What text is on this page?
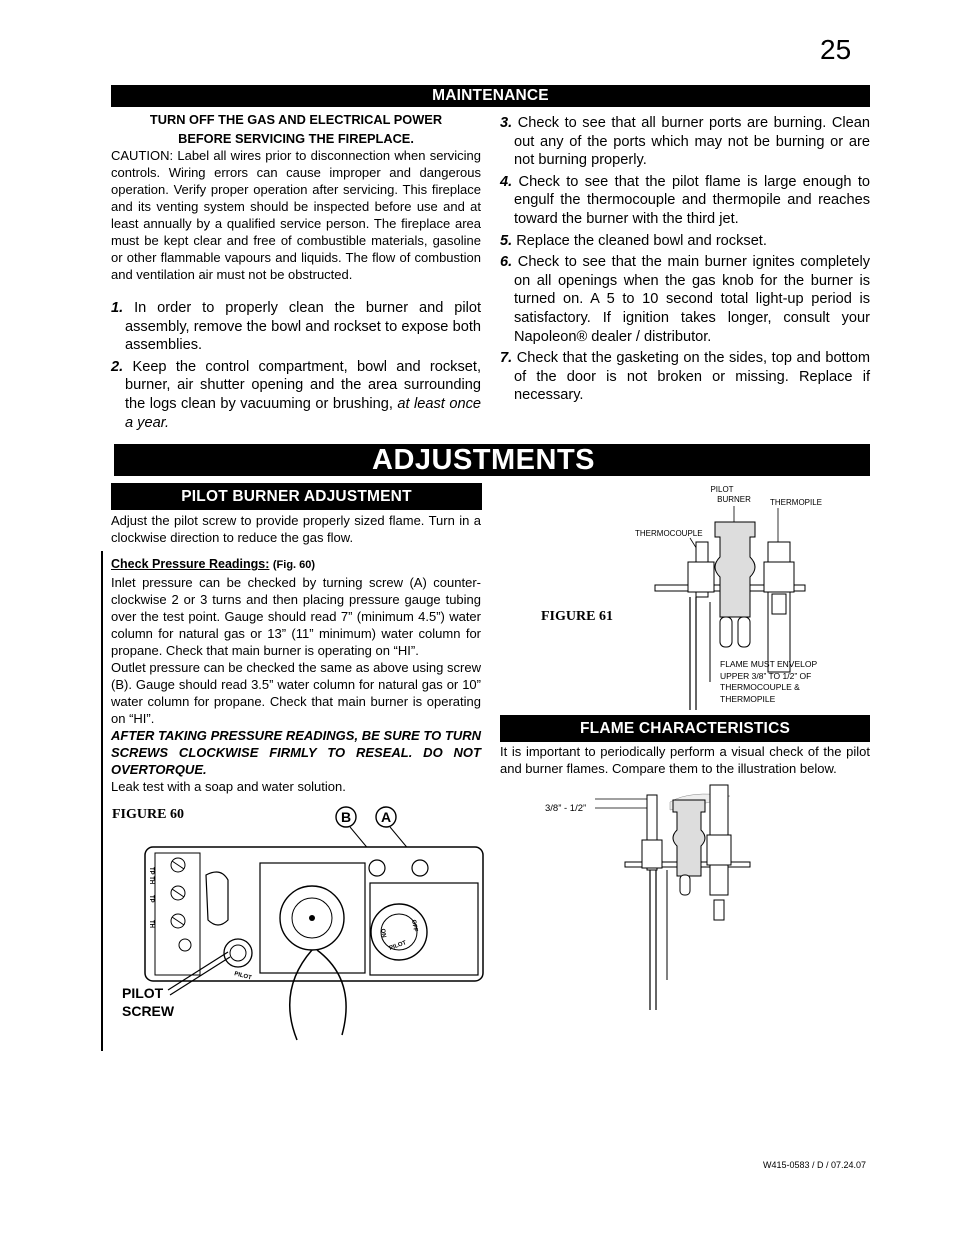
25
MAINTENANCE

TURN OFF THE GAS AND ELECTRICAL POWER

BEFORE SERVICING THE FIREPLACE.

CAUTION: Label all wires prior to disconnection when servicing controls. Wiring errors can cause improper and dangerous operation. Verify proper operation after servicing. This fireplace and its venting system should be inspected before use and at least annually by a qualified service person. The fireplace area must be kept clear and free of combustible materials, gasoline or other flammable vapours and liquids. The flow of combustion and ventilation air must not be obstructed.

1. In order to properly clean the burner and pilot assembly, remove the bowl and rockset to expose both assemblies.
2. Keep the control compartment, bowl and rockset, burner, air shutter opening and the area surrounding the logs clean by vacuuming or brushing, at least once a year.
3. Check to see that all burner ports are burning. Clean out any of the ports which may not be burning or are not burning properly.
4. Check to see that the pilot flame is large enough to engulf the thermocouple and thermopile and reaches toward the burner with the third jet.
5. Replace the cleaned bowl and rockset.
6. Check to see that the main burner ignites completely on all openings when the gas knob for the burner is turned on. A 5 to 10 second total light-up period is satisfactory. If ignition takes longer, consult your Napoleon® dealer / distributor.
7. Check that the gasketing on the sides, top and bottom of the door is not broken or missing. Replace if necessary.
ADJUSTMENTS
PILOT BURNER ADJUSTMENT

Adjust the pilot screw to provide properly sized flame. Turn in a clockwise direction to reduce the gas flow.

Check Pressure Readings: (Fig. 60)

Inlet pressure can be checked by turning screw (A) counter-clockwise 2 or 3 turns and then placing pressure gauge tubing over the test point. Gauge should read 7” (minimum 4.5”) water column for natural gas or 13” (11” minimum) water column for propane. Check that main burner is operating on “HI”.

Outlet pressure can be checked the same as above using screw (B). Gauge should read 3.5” water column for natural gas or 10” water column for propane. Check that main burner is operating on “HI”.

AFTER TAKING PRESSURE READINGS, BE SURE TO TURN SCREWS CLOCKWISE FIRMLY TO RESEAL. DO NOT OVERTORQUE.

Leak test with a soap and water solution.

FIGURE 60	B A
TP TH
TP
TH
PILOT
ON
OFF
PILOT
PILOT
SCREW
FIGURE 61
PILOT
BURNER THERMOPILE
THERMOCOUPLE
FLAME MUST ENVELOP
UPPER 3/8” TO 1/2” OF
THERMOCOUPLE &
THERMOPILE
FLAME CHARACTERISTICS

It is important to periodically perform a visual check of the pilot and burner flames. Compare them to the illustration below.

3/8” - 1/2”
W415-0583 / D / 07.24.07
